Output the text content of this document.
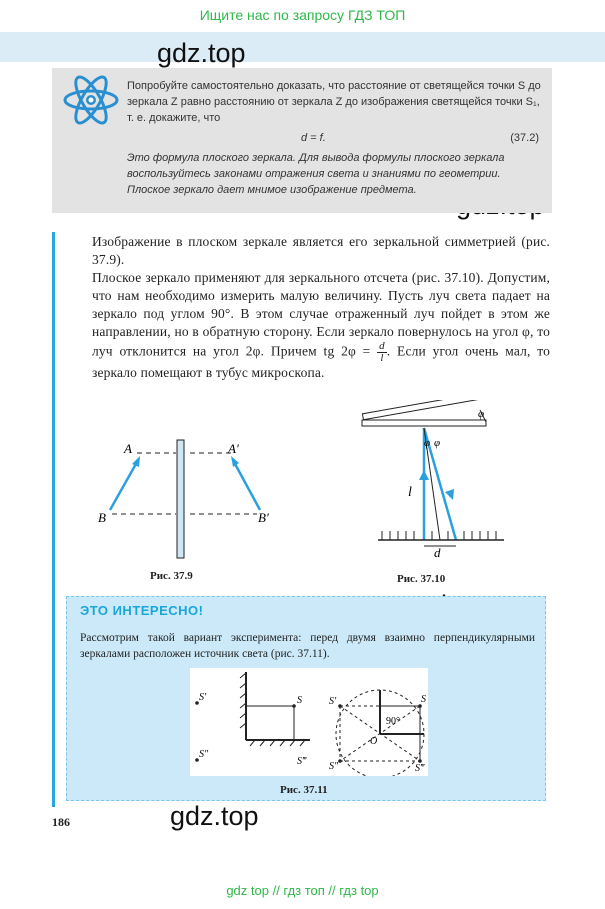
Ищите нас по запросу ГДЗ ТОП
gdz.top
gdz.top

Попробуйте самостоятельно доказать, что расстояние от светящейся точки S до зеркала Z равно расстоянию от зеркала Z до изображения светящейся точки S₁, т. е. докажите, что

d = f.	(37.2)

Это формула плоского зеркала. Для вывода формулы плоского зеркала воспользуйтесь законами отражения света и знаниями по геометрии. Плоское зеркало дает мнимое изображение предмета.

Изображение в плоском зеркале является его зеркальной симметрией (рис. 37.9).

Плоское зеркало применяют для зеркального отсчета (рис. 37.10). Допустим, что нам необходимо измерить малую величину. Пусть луч света падает на зеркало под углом 90°. В этом случае отраженный луч пойдет в этом же направлении, но в обратную сторону. Если зеркало повернулось на угол φ, то луч отклонится на угол 2φ. Причем tg $2\varphi = \frac{d}{l}$ . Если угол очень мал, то зеркало помещают в тубус микроскопа.

A	A′
B	B′
Рис. 37.9
φ
φ φ
l
d
Рис. 37.10
ЭТО ИНТЕРЕСНО!
Рассмотрим такой вариант эксперимента: перед двумя взаимно перпендикулярными зеркалами расположен источник света (рис. 37.11).
S′
S″
S
S‴
S′	S
90°
O
S″	S‴
Рис. 37.11
186
gdz top // гдз топ // гдз top
